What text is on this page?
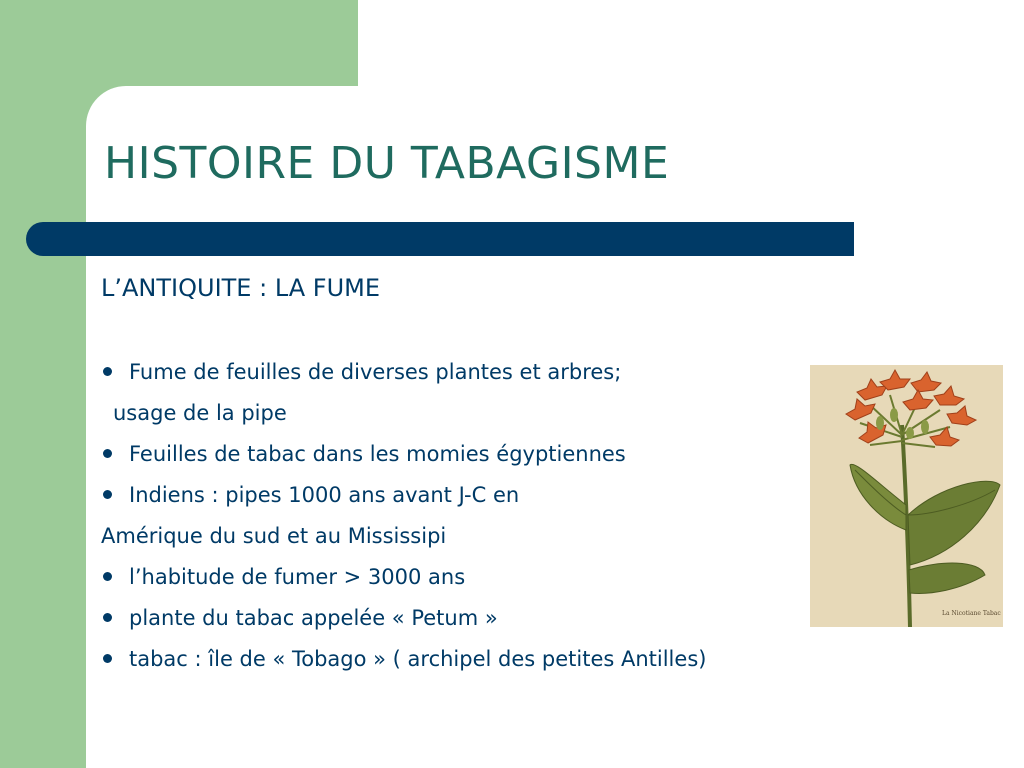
HISTOIRE DU TABAGISME
L’ANTIQUITE : LA FUME
Fume de feuilles de diverses plantes et arbres;
usage de la pipe
Feuilles de tabac dans les momies égyptiennes
Indiens : pipes 1000 ans avant J-C en
Amérique du sud et au Mississipi
l’habitude de fumer > 3000 ans
plante du tabac appelée « Petum »
tabac : île de « Tobago » ( archipel des petites Antilles)
La Nicotiane Tabac
